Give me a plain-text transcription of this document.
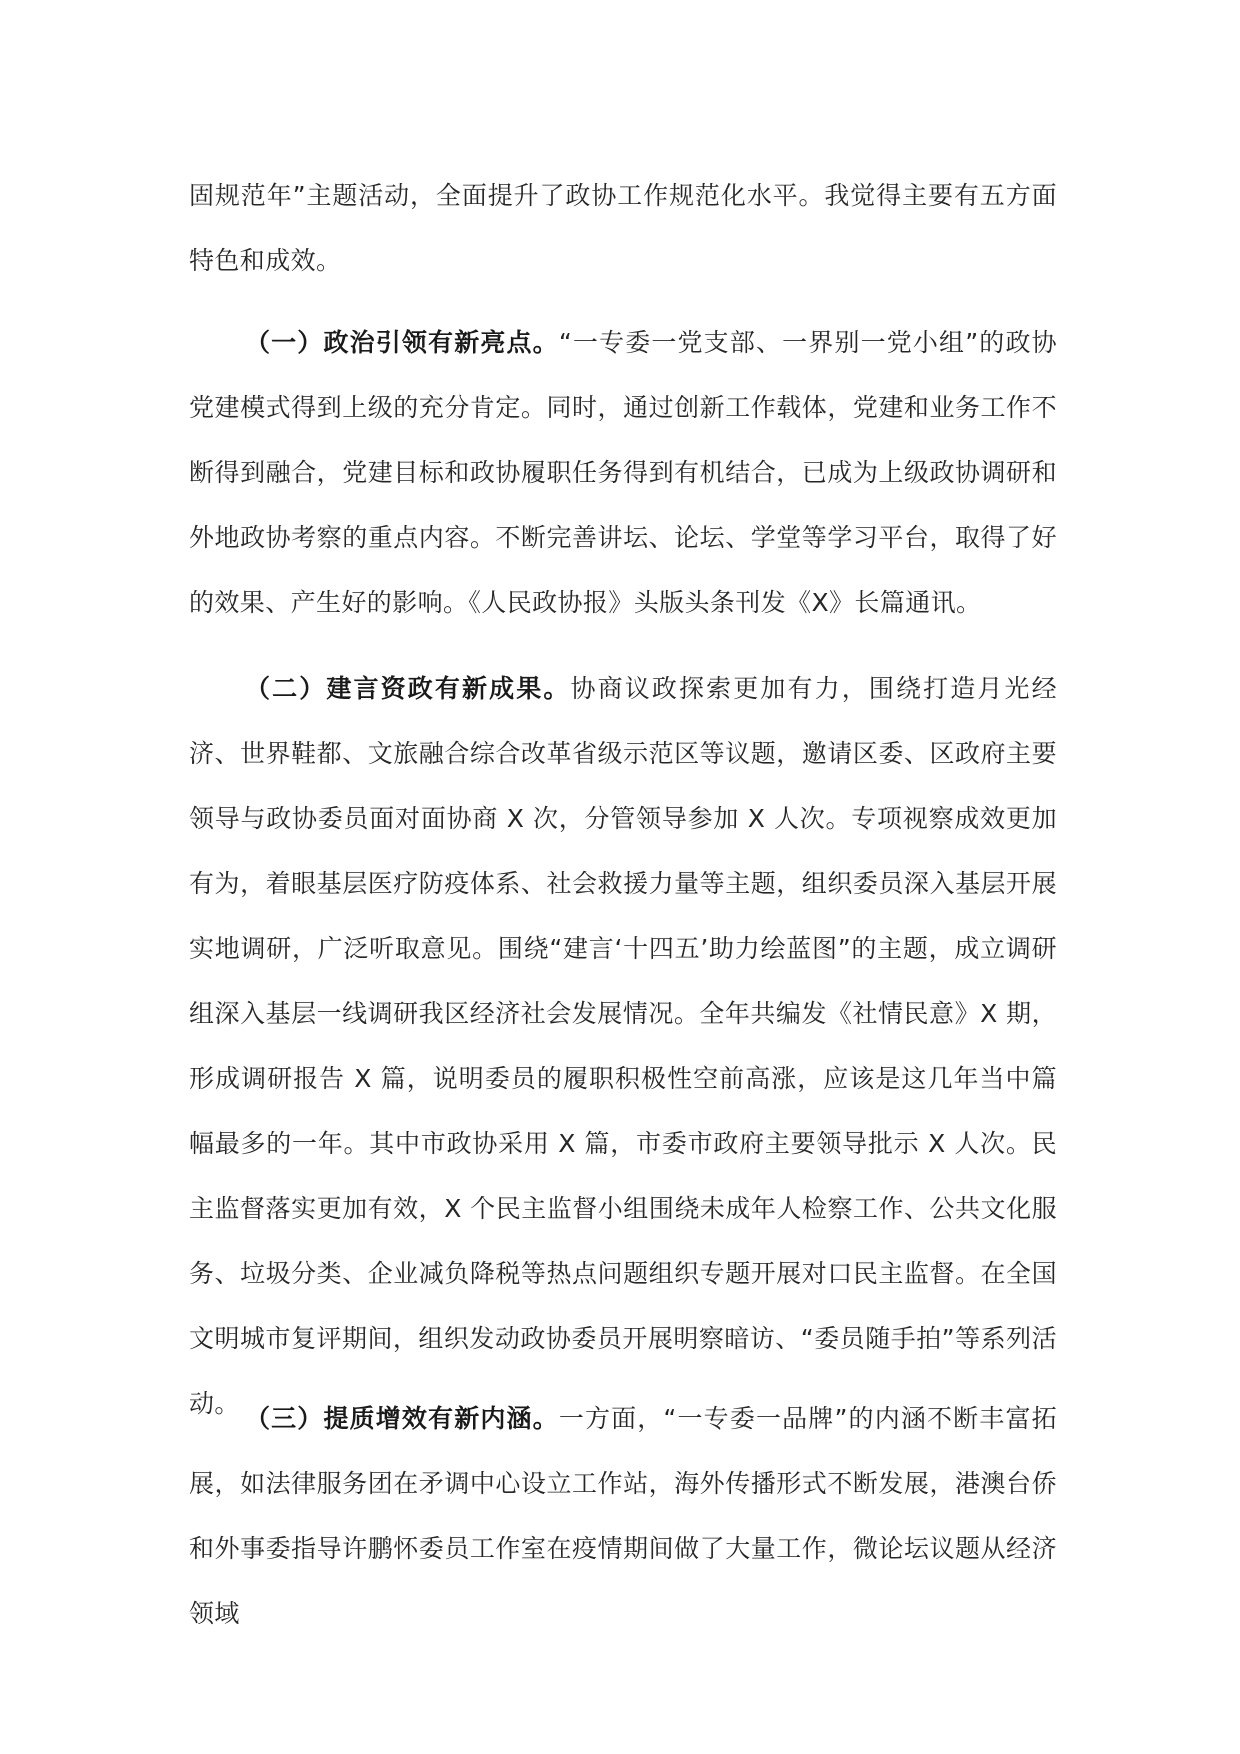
固规范年”主题活动，全面提升了政协工作规范化水平。我觉得主要有五方面特色和成效。

（一）政治引领有新亮点。“一专委一党支部、一界别一党小组”的政协党建模式得到上级的充分肯定。同时，通过创新工作载体，党建和业务工作不断得到融合，党建目标和政协履职任务得到有机结合，已成为上级政协调研和外地政协考察的重点内容。不断完善讲坛、论坛、学堂等学习平台，取得了好的效果、产生好的影响。《人民政协报》头版头条刊发《X》长篇通讯。

（二）建言资政有新成果。协商议政探索更加有力，围绕打造月光经济、世界鞋都、文旅融合综合改革省级示范区等议题，邀请区委、区政府主要领导与政协委员面对面协商 X 次，分管领导参加 X 人次。专项视察成效更加有为，着眼基层医疗防疫体系、社会救援力量等主题，组织委员深入基层开展实地调研，广泛听取意见。围绕“建言‘十四五’助力绘蓝图”的主题，成立调研组深入基层一线调研我区经济社会发展情况。全年共编发《社情民意》X 期，形成调研报告 X 篇，说明委员的履职积极性空前高涨，应该是这几年当中篇幅最多的一年。其中市政协采用 X 篇，市委市政府主要领导批示 X 人次。民主监督落实更加有效，X 个民主监督小组围绕未成年人检察工作、公共文化服务、垃圾分类、企业减负降税等热点问题组织专题开展对口民主监督。在全国文明城市复评期间，组织发动政协委员开展明察暗访、“委员随手拍”等系列活动。

（三）提质增效有新内涵。一方面，“一专委一品牌”的内涵不断丰富拓展，如法律服务团在矛调中心设立工作站，海外传播形式不断发展，港澳台侨和外事委指导许鹏怀委员工作室在疫情期间做了大量工作，微论坛议题从经济领域
